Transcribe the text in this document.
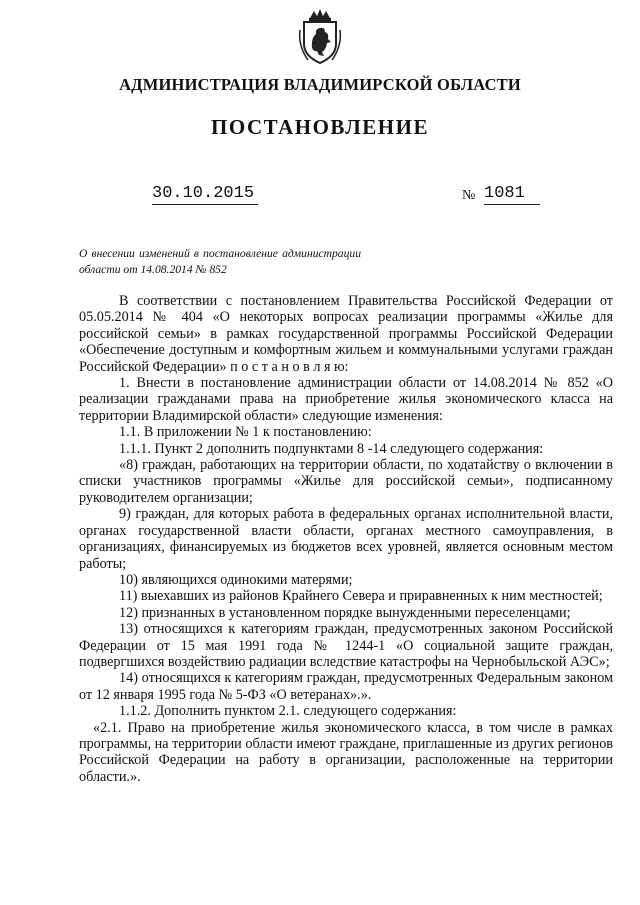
АДМИНИСТРАЦИЯ ВЛАДИМИРСКОЙ ОБЛАСТИ
ПОСТАНОВЛЕНИЕ
30.10.2015	№ 1081
О внесении изменений в постановление администрации области от 14.08.2014 № 852

В соответствии с постановлением Правительства Российской Федерации от 05.05.2014 № 404 «О некоторых вопросах реализации программы «Жилье для российской семьи» в рамках государственной программы Российской Федерации «Обеспечение доступным и комфортным жильем и коммунальными услугами граждан Российской Федерации» п о с т а н о в л я ю:

1. Внести в постановление администрации области от 14.08.2014 № 852 «О реализации гражданами права на приобретение жилья экономического класса на территории Владимирской области» следующие изменения:

1.1. В приложении № 1 к постановлению:

1.1.1. Пункт 2 дополнить подпунктами 8 -14 следующего содержания:

«8) граждан, работающих на территории области, по ходатайству о включении в списки участников программы «Жилье для российской семьи», подписанному руководителем организации;

9) граждан, для которых работа в федеральных органах исполнительной власти, органах государственной власти области, органах местного самоуправления, в организациях, финансируемых из бюджетов всех уровней, является основным местом работы;

10) являющихся одинокими матерями;

11) выехавших из районов Крайнего Севера и приравненных к ним местностей;

12) признанных в установленном порядке вынужденными переселенцами;

13) относящихся к категориям граждан, предусмотренных законом Российской Федерации от 15 мая 1991 года № 1244-1 «О социальной защите граждан, подвергшихся воздействию радиации вследствие катастрофы на Чернобыльской АЭС»;

14) относящихся к категориям граждан, предусмотренных Федеральным законом от 12 января 1995 года № 5-ФЗ «О ветеранах».».

1.1.2. Дополнить пунктом 2.1. следующего содержания:

«2.1. Право на приобретение жилья экономического класса, в том числе в рамках программы, на территории области имеют граждане, приглашенные из других регионов Российской Федерации на работу в организации, расположенные на территории области.».
